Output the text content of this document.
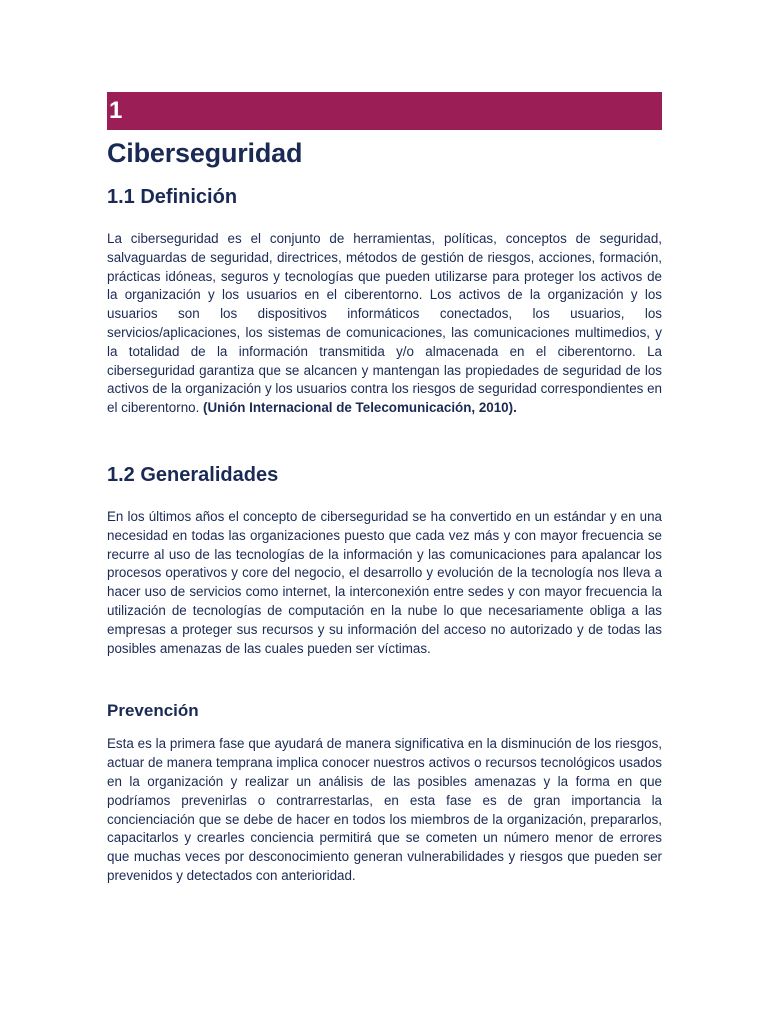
1
Ciberseguridad
1.1 Definición

La ciberseguridad es el conjunto de herramientas, políticas, conceptos de seguridad, salvaguardas de seguridad, directrices, métodos de gestión de riesgos, acciones, formación, prácticas idóneas, seguros y tecnologías que pueden utilizarse para proteger los activos de la organización y los usuarios en el ciberentorno. Los activos de la organización y los usuarios son los dispositivos informáticos conectados, los usuarios, los servicios/aplicaciones, los sistemas de comunicaciones, las comunicaciones multimedios, y la totalidad de la información transmitida y/o almacenada en el ciberentorno. La ciberseguridad garantiza que se alcancen y mantengan las propiedades de seguridad de los activos de la organización y los usuarios contra los riesgos de seguridad correspondientes en el ciberentorno. (Unión Internacional de Telecomunicación, 2010).

1.2 Generalidades

En los últimos años el concepto de ciberseguridad se ha convertido en un estándar y en una necesidad en todas las organizaciones puesto que cada vez más y con mayor frecuencia se recurre al uso de las tecnologías de la información y las comunicaciones para apalancar los procesos operativos y core del negocio, el desarrollo y evolución de la tecnología nos lleva a hacer uso de servicios como internet, la interconexión entre sedes y con mayor frecuencia la utilización de tecnologías de computación en la nube lo que necesariamente obliga a las empresas a proteger sus recursos y su información del acceso no autorizado y de todas las posibles amenazas de las cuales pueden ser víctimas.

Prevención

Esta es la primera fase que ayudará de manera significativa en la disminución de los riesgos, actuar de manera temprana implica conocer nuestros activos o recursos tecnológicos usados en la organización y realizar un análisis de las posibles amenazas y la forma en que podríamos prevenirlas o contrarrestarlas, en esta fase es de gran importancia la concienciación que se debe de hacer en todos los miembros de la organización, prepararlos, capacitarlos y crearles conciencia permitirá que se cometen un número menor de errores que muchas veces por desconocimiento generan vulnerabilidades y riesgos que pueden ser prevenidos y detectados con anterioridad.
